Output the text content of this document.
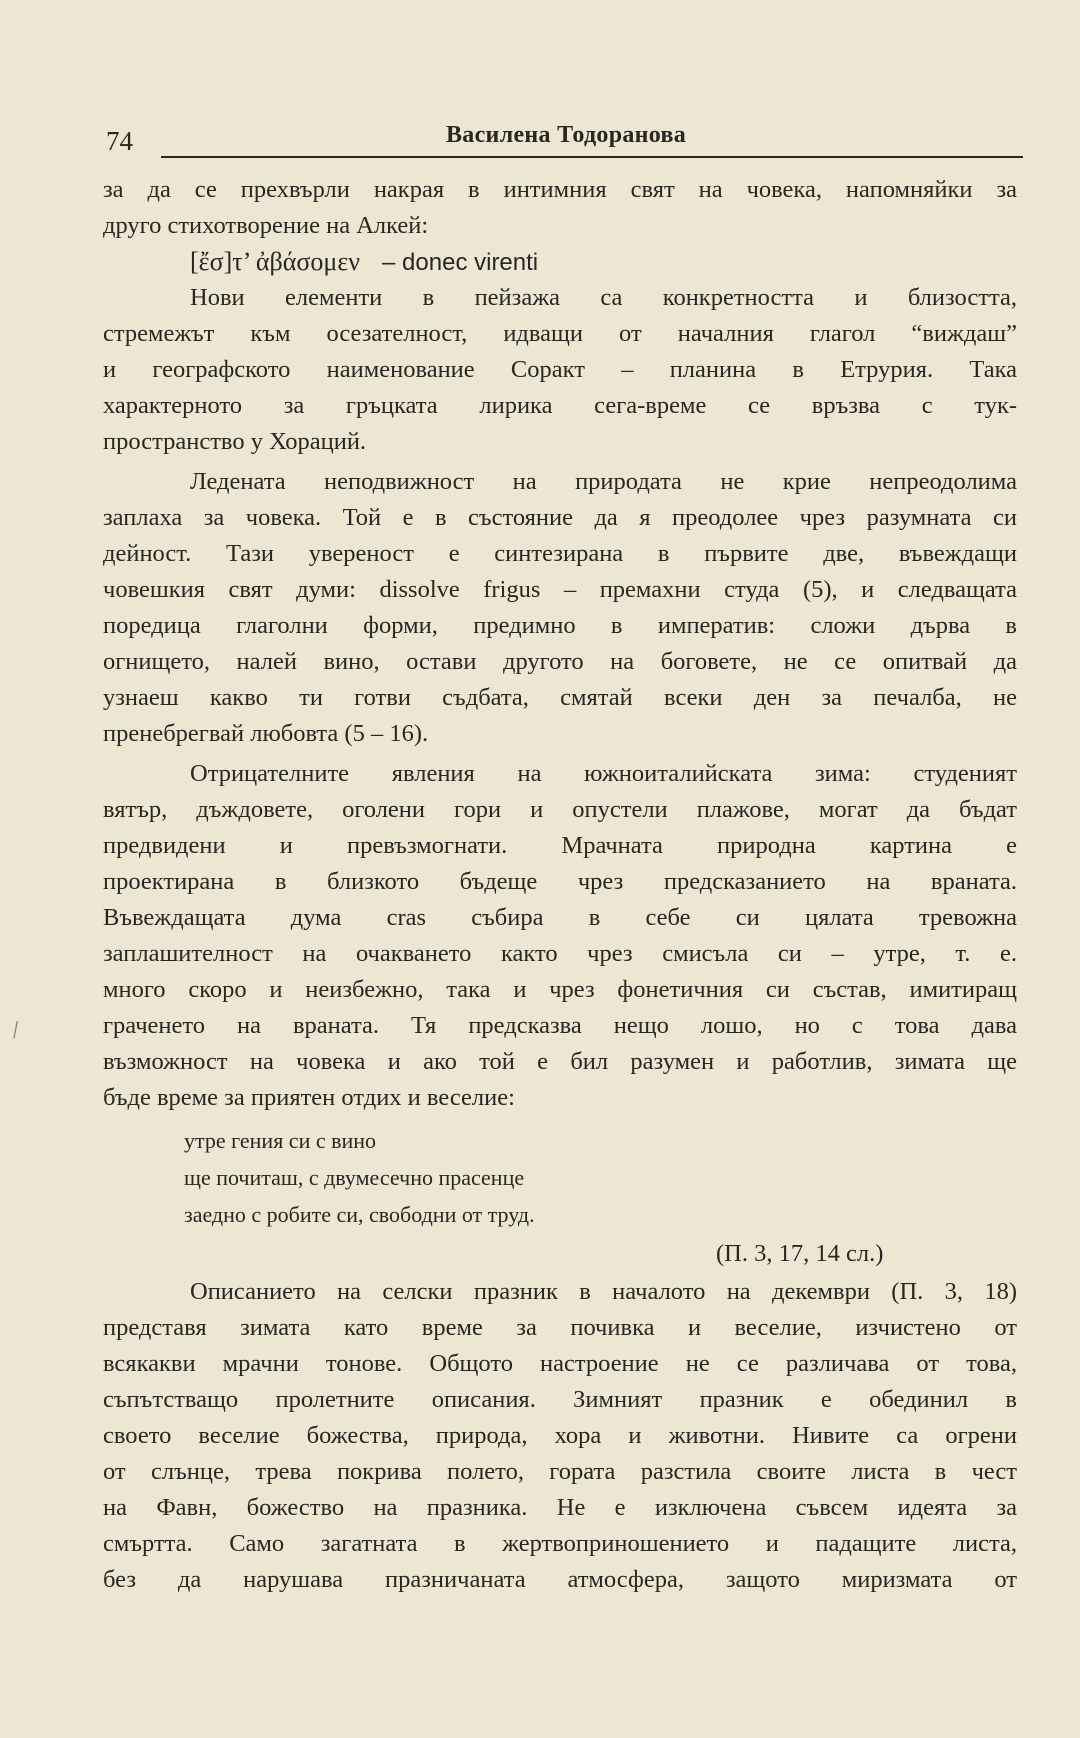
74	Василена Тодоранова
⁄
за да се прехвърли накрая в интимния свят на човека, напомняйки за
друго стихотворение на Алкей:
[ἔσ]τ’ ἀβάσομεν – donec virenti
Нови елементи в пейзажа са конкретността и близостта,
стремежът към осезателност, идващи от началния глагол “виждаш”
и географското наименование Соракт – планина в Етрурия. Така
характерното за гръцката лирика сега-време се връзва с тук-
пространство у Хораций.
Ледената неподвижност на природата не крие непреодолима
заплаха за човека. Той е в състояние да я преодолее чрез разумната си
дейност. Тази увереност е синтезирана в първите две, въвеждащи
човешкия свят думи: dissolve frigus – премахни студа (5), и следващата
поредица глаголни форми, предимно в императив: сложи дърва в
огнището, налей вино, остави другото на боговете, не се опитвай да
узнаеш какво ти готви съдбата, смятай всеки ден за печалба, не
пренебрегвай любовта (5 – 16).
Отрицателните явления на южноиталийската зима: студеният
вятър, дъждовете, оголени гори и опустели плажове, могат да бъдат
предвидени и превъзмогнати. Мрачната природна картина е
проектирана в близкото бъдеще чрез предсказанието на враната.
Въвеждащата дума cras събира в себе си цялата тревожна
заплашителност на очакването както чрез смисъла си – утре, т. е.
много скоро и неизбежно, така и чрез фонетичния си състав, имитиращ
граченето на враната. Тя предсказва нещо лошо, но с това дава
възможност на човека и ако той е бил разумен и работлив, зимата ще
бъде време за приятен отдих и веселие:
утре гения си с вино
ще почиташ, с двумесечно прасенце
заедно с робите си, свободни от труд.
(П. 3, 17, 14 сл.)
Описанието на селски празник в началото на декември (П. 3, 18)
представя зимата като време за почивка и веселие, изчистено от
всякакви мрачни тонове. Общото настроение не се различава от това,
съпътстващо пролетните описания. Зимният празник е обединил в
своето веселие божества, природа, хора и животни. Нивите са огрени
от слънце, трева покрива полето, гората разстила своите листа в чест
на Фавн, божество на празника. Не е изключена съвсем идеята за
смъртта. Само загатната в жертвоприношението и падащите листа,
без да нарушава празничаната атмосфера, защото миризмата от
